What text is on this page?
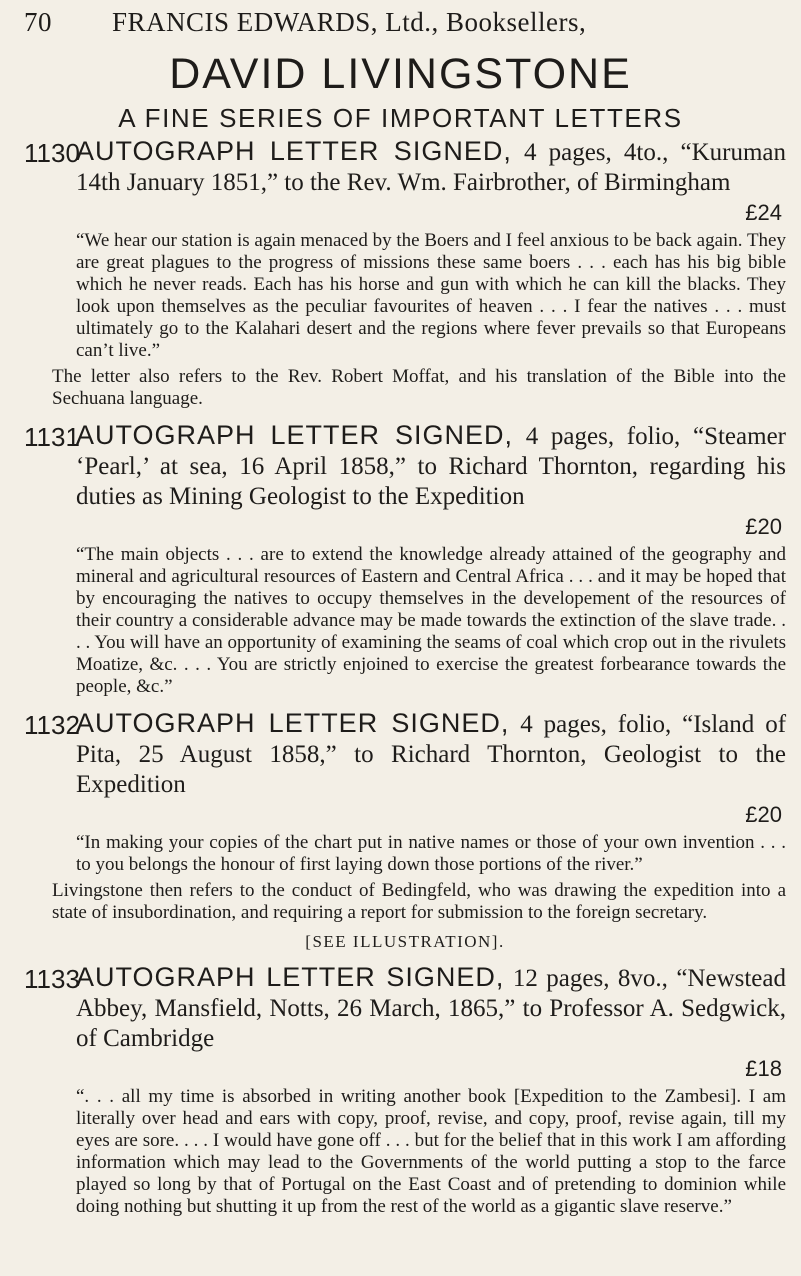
70 FRANCIS EDWARDS, Ltd., Booksellers,
DAVID LIVINGSTONE
A FINE SERIES OF IMPORTANT LETTERS
1130
AUTOGRAPH LETTER SIGNED, 4 pages, 4to., “Kuruman 14th January 1851,” to the Rev. Wm. Fairbrother, of Birmingham
£24
“We hear our station is again menaced by the Boers and I feel anxious to be back again. They are great plagues to the progress of missions these same boers . . . each has his big bible which he never reads. Each has his horse and gun with which he can kill the blacks. They look upon themselves as the peculiar favourites of heaven . . . I fear the natives . . . must ultimately go to the Kalahari desert and the regions where fever prevails so that Europeans can’t live.”
The letter also refers to the Rev. Robert Moffat, and his translation of the Bible into the Sechuana language.
1131
AUTOGRAPH LETTER SIGNED, 4 pages, folio, “Steamer ‘Pearl,’ at sea, 16 April 1858,” to Richard Thornton, regarding his duties as Mining Geologist to the Expedition
£20
“The main objects . . . are to extend the knowledge already attained of the geography and mineral and agricultural resources of Eastern and Central Africa . . . and it may be hoped that by encouraging the natives to occupy themselves in the developement of the resources of their country a considerable advance may be made towards the extinction of the slave trade. . . . You will have an opportunity of examining the seams of coal which crop out in the rivulets Moatize, &c. . . . You are strictly enjoined to exercise the greatest forbearance towards the people, &c.”
1132
AUTOGRAPH LETTER SIGNED, 4 pages, folio, “Island of Pita, 25 August 1858,” to Richard Thornton, Geologist to the Expedition
£20
“In making your copies of the chart put in native names or those of your own invention . . . to you belongs the honour of first laying down those portions of the river.”
Livingstone then refers to the conduct of Bedingfeld, who was drawing the expedition into a state of insubordination, and requiring a report for submission to the foreign secretary.
[SEE ILLUSTRATION].
1133
AUTOGRAPH LETTER SIGNED, 12 pages, 8vo., “Newstead Abbey, Mansfield, Notts, 26 March, 1865,” to Professor A. Sedgwick, of Cambridge
£18
“. . . all my time is absorbed in writing another book [Expedition to the Zambesi]. I am literally over head and ears with copy, proof, revise, and copy, proof, revise again, till my eyes are sore. . . . I would have gone off . . . but for the belief that in this work I am affording information which may lead to the Governments of the world putting a stop to the farce played so long by that of Portugal on the East Coast and of pretending to dominion while doing nothing but shutting it up from the rest of the world as a gigantic slave reserve.”
